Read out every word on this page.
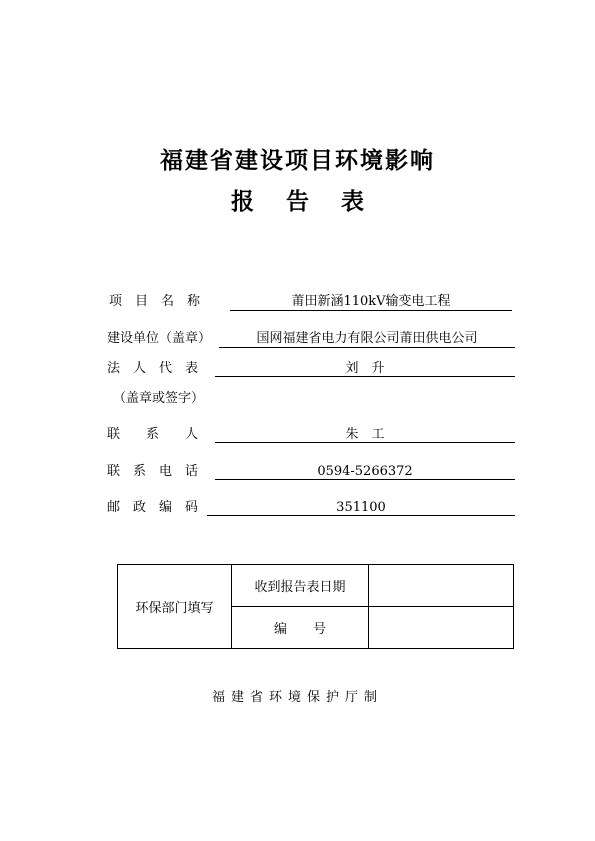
福建省建设项目环境影响
报 告 表
项　目　名　称	莆田新涵110kV输变电工程
建设单位（盖章）	国网福建省电力有限公司莆田供电公司
法　人　代　表	刘　升
（盖章或签字）
联　　系　　人	朱　工
联　系　电　话	0594-5266372
邮　政　编　码	351100
环保部门填写	收到报告表日期	
	编　　号	
福建省环境保护厅制
